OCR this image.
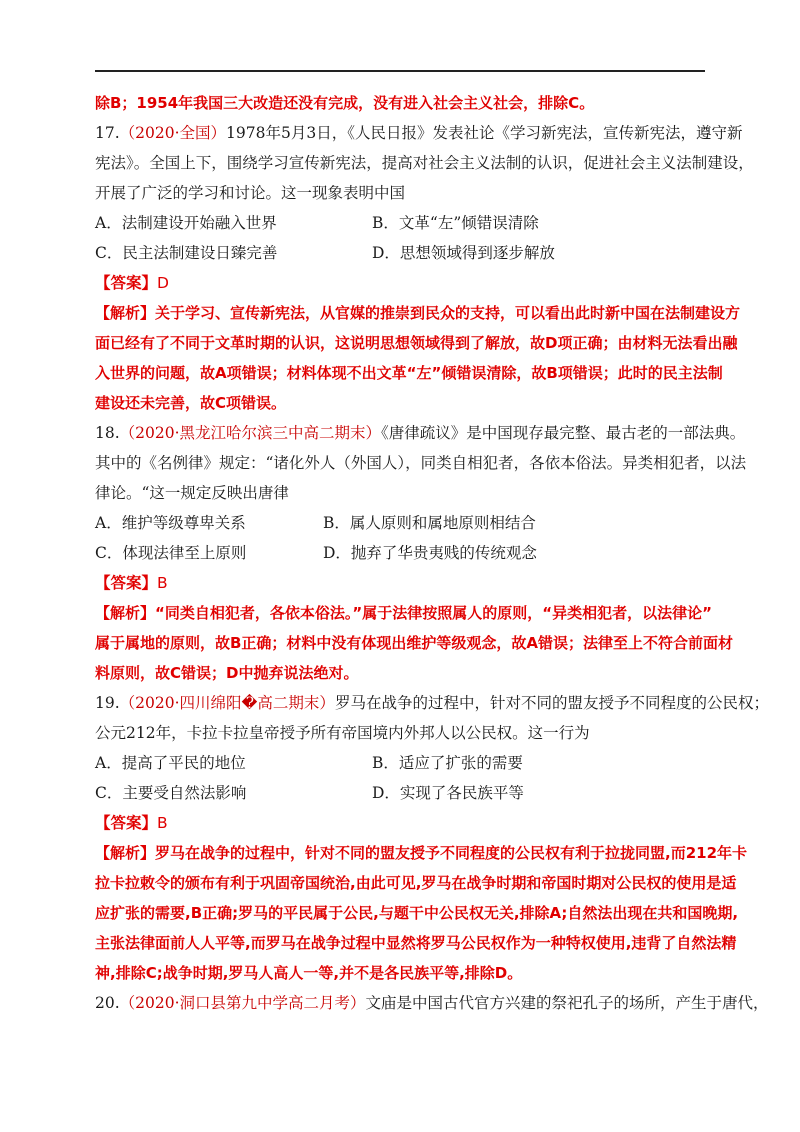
除B；1954年我国三大改造还没有完成，没有进入社会主义社会，排除C。
17.（2020·全国）1978年5月3日，《人民日报》发表社论《学习新宪法，宣传新宪法，遵守新
宪法》。全国上下，围绕学习宣传新宪法，提高对社会主义法制的认识，促进社会主义法制建设，
开展了广泛的学习和讨论。这一现象表明中国
A．法制建设开始融入世界	B．文革“左”倾错误清除
C．民主法制建设日臻完善	D．思想领域得到逐步解放
【答案】D
【解析】关于学习、宣传新宪法，从官媒的推崇到民众的支持，可以看出此时新中国在法制建设方
面已经有了不同于文革时期的认识，这说明思想领域得到了解放，故D项正确；由材料无法看出融
入世界的问题，故A项错误；材料体现不出文革“左”倾错误清除，故B项错误；此时的民主法制
建设还未完善，故C项错误。
18.（2020·黑龙江哈尔滨三中高二期末）《唐律疏议》是中国现存最完整、最古老的一部法典。
其中的《名例律》规定：“诸化外人（外国人），同类自相犯者，各依本俗法。异类相犯者，以法
律论。“这一规定反映出唐律
A．维护等级尊卑关系	B．属人原则和属地原则相结合
C．体现法律至上原则	D．抛弃了华贵夷贱的传统观念
【答案】B
【解析】“同类自相犯者，各依本俗法。”属于法律按照属人的原则，“异类相犯者，以法律论”
属于属地的原则，故B正确；材料中没有体现出维护等级观念，故A错误；法律至上不符合前面材
料原则，故C错误；D中抛弃说法绝对。
19.（2020·四川绵阳�高二期末）罗马在战争的过程中，针对不同的盟友授予不同程度的公民权；
公元212年，卡拉卡拉皇帝授予所有帝国境内外邦人以公民权。这一行为
A．提高了平民的地位	B．适应了扩张的需要
C．主要受自然法影响	D．实现了各民族平等
【答案】B
【解析】罗马在战争的过程中，针对不同的盟友授予不同程度的公民权有利于拉拢同盟,而212年卡
拉卡拉敕令的颁布有利于巩固帝国统治,由此可见,罗马在战争时期和帝国时期对公民权的使用是适
应扩张的需要,B正确;罗马的平民属于公民,与题干中公民权无关,排除A;自然法出现在共和国晚期,
主张法律面前人人平等,而罗马在战争过程中显然将罗马公民权作为一种特权使用,违背了自然法精
神,排除C;战争时期,罗马人高人一等,并不是各民族平等,排除D。
20.（2020·洞口县第九中学高二月考）文庙是中国古代官方兴建的祭祀孔子的场所，产生于唐代，
